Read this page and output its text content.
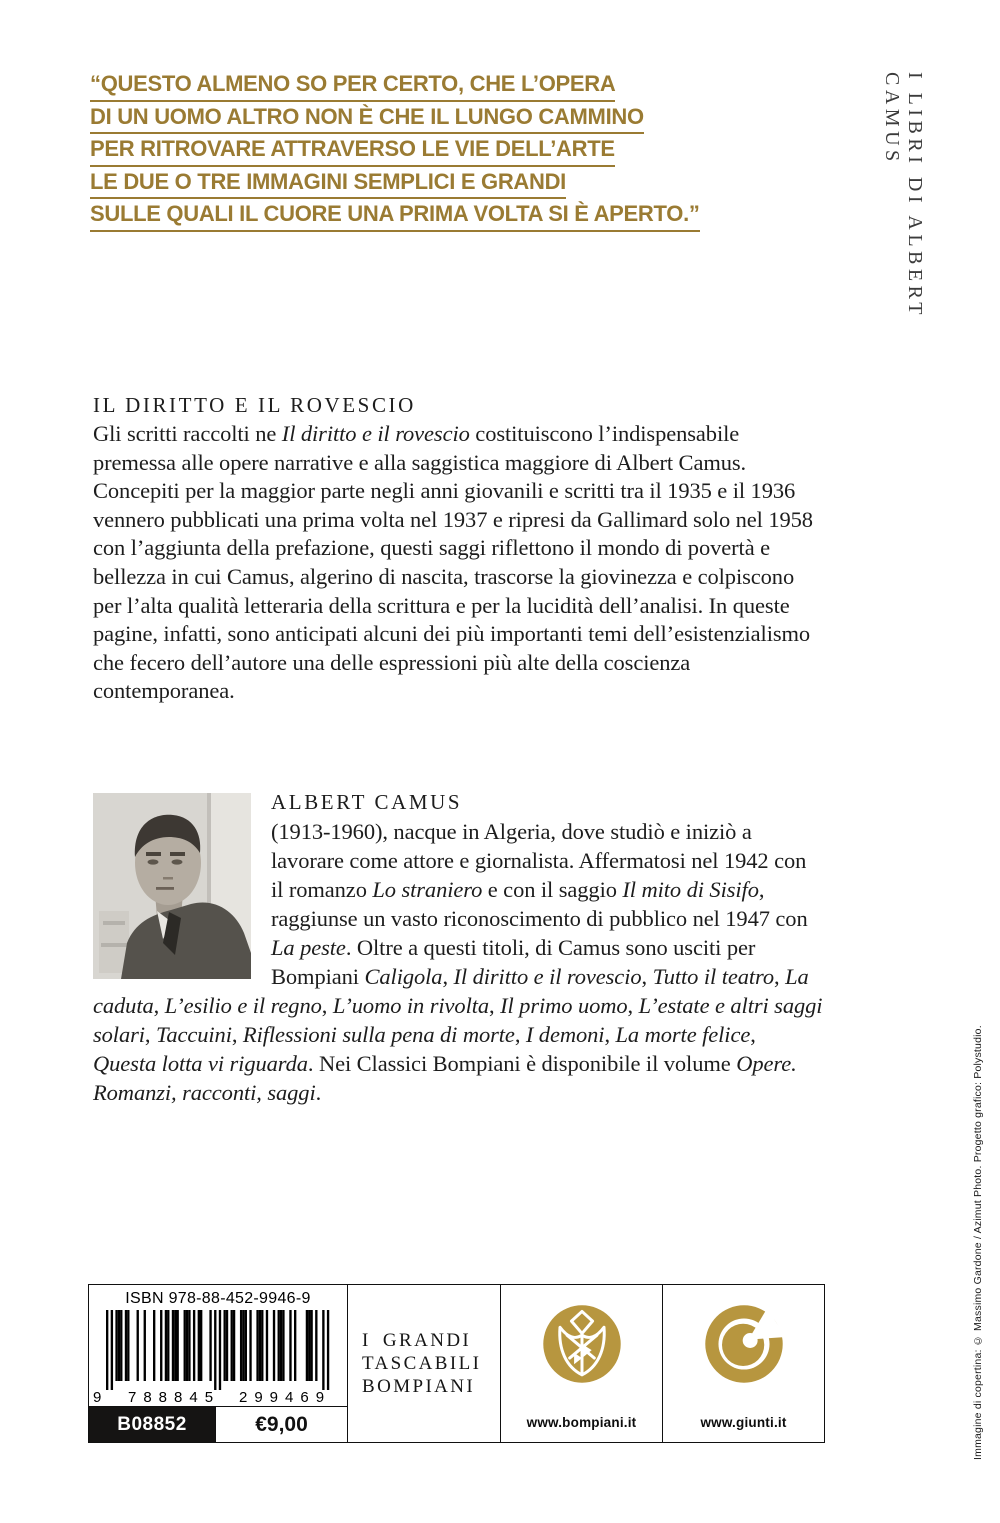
“QUESTO ALMENO SO PER CERTO, CHE L’OPERA
DI UN UOMO ALTRO NON È CHE IL LUNGO CAMMINO
PER RITROVARE ATTRAVERSO LE VIE DELL’ARTE
LE DUE O TRE IMMAGINI SEMPLICI E GRANDI
SULLE QUALI IL CUORE UNA PRIMA VOLTA SI È APERTO.”	I LIBRI DI ALBERT CAMUS
IL DIRITTO E IL ROVESCIO

Gli scritti raccolti ne Il diritto e il rovescio costituiscono l’indispensabile premessa alle opere narrative e alla saggistica maggiore di Albert Camus. Concepiti per la maggior parte negli anni giovanili e scritti tra il 1935 e il 1936 vennero pubblicati una prima volta nel 1937 e ripresi da Gallimard solo nel 1958 con l’aggiunta della prefazione, questi saggi riflettono il mondo di povertà e bellezza in cui Camus, algerino di nascita, trascorse la giovinezza e colpiscono per l’alta qualità letteraria della scrittura e per la lucidità dell’analisi. In queste pagine, infatti, sono anticipati alcuni dei più importanti temi dell’esistenzialismo che fecero dell’autore una delle espressioni più alte della coscienza contemporanea.

ALBERT CAMUS

(1913-1960), nacque in Algeria, dove studiò e iniziò a lavorare come attore e giornalista. Affermatosi nel 1942 con il romanzo Lo straniero e con il saggio Il mito di Sisifo, raggiunse un vasto riconoscimento di pubblico nel 1947 con La peste. Oltre a questi titoli, di Camus sono usciti per Bompiani Caligola, Il diritto e il rovescio, Tutto il teatro, La caduta, L’esilio e il regno, L’uomo in rivolta, Il primo uomo, L’estate e altri saggi solari, Taccuini, Riflessioni sulla pena di morte, I demoni, La morte felice, Questa lotta vi riguarda. Nei Classici Bompiani è disponibile il volume Opere. Romanzi, racconti, saggi.

ISBN 978-88-452-9946-9
9 788845 299469
B08852	€9,00
I GRANDI
TASCABILI
BOMPIANI
www.bompiani.it	www.giunti.it	Immagine di copertina: © Massimo Gardone / Azimut Photo. Progetto grafico: Polystudio.
